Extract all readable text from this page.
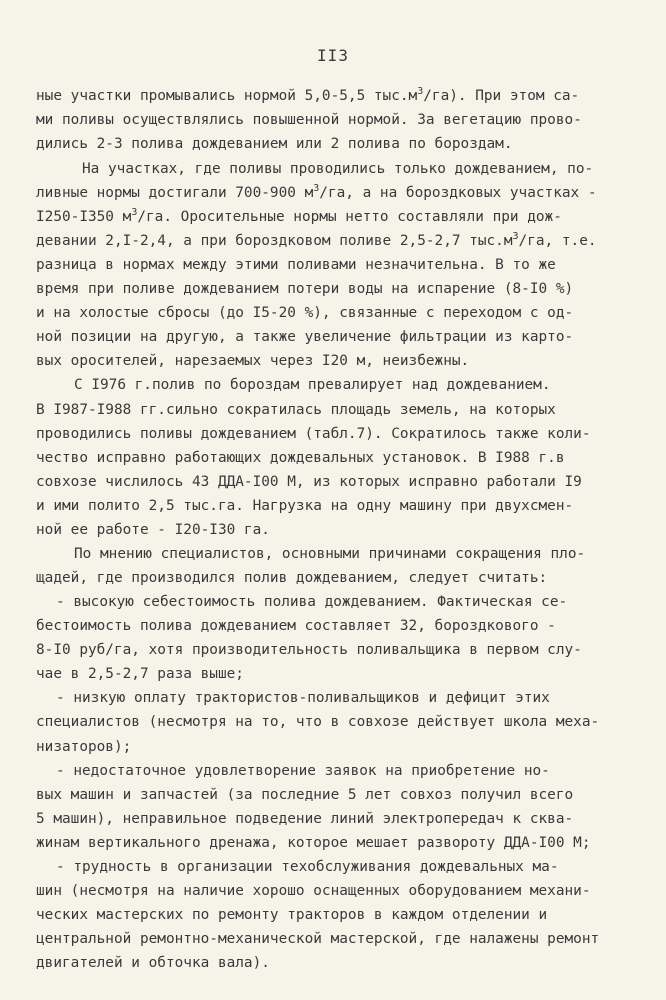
II3
ные участки промывались нормой 5,0-5,5 $тыс.м^3/га$). При этом са-
ми поливы осуществлялись повышенной нормой. За вегетацию прово-
дились 2-3 полива дождеванием или 2 полива по бороздам.
На участках, где поливы проводились только дождеванием, по-
ливные нормы достигали 700-900 $м^3/га$, а на бороздковых участках -
I250-I350 $м^3/га$. Оросительные нормы нетто составляли при дож-
девании 2,I-2,4, а при бороздковом поливе 2,5-2,7 $тыс.м^3/га$, т.е.
разница в нормах между этими поливами незначительна. В то же
время при поливе дождеванием потери воды на испарение (8-I0 %)
и на холостые сбросы (до I5-20 %), связанные с переходом с од-
ной позиции на другую, а также увеличение фильтрации из карто-
вых оросителей, нарезаемых через I20 м, неизбежны.
С I976 г.полив по бороздам превалирует над дождеванием.
В I987-I988 гг.сильно сократилась площадь земель, на которых
проводились поливы дождеванием (табл.7). Сократилось также коли-
чество исправно работающих дождевальных установок. В I988 г.в
совхозе числилось 43 ДДА-I00 М, из которых исправно работали I9
и ими полито 2,5 тыс.га. Нагрузка на одну машину при двухсмен-
ной ее работе - I20-I30 га.
По мнению специалистов, основными причинами сокращения пло-
щадей, где производился полив дождеванием, следует считать:
- высокую себестоимость полива дождеванием. Фактическая се-
бестоимость полива дождеванием составляет 32, бороздкового -
8-I0 руб/га, хотя производительность поливальщика в первом слу-
чае в 2,5-2,7 раза выше;
- низкую оплату трактористов-поливальщиков и дефицит этих
специалистов (несмотря на то, что в совхозе действует школа меха-
низаторов);
- недостаточное удовлетворение заявок на приобретение но-
вых машин и запчастей (за последние 5 лет совхоз получил всего
5 машин), неправильное подведение линий электропередач к сква-
жинам вертикального дренажа, которое мешает развороту ДДА-I00 М;
- трудность в организации техобслуживания дождевальных ма-
шин (несмотря на наличие хорошо оснащенных оборудованием механи-
ческих мастерских по ремонту тракторов в каждом отделении и
центральной ремонтно-механической мастерской, где налажены ремонт
двигателей и обточка вала).
